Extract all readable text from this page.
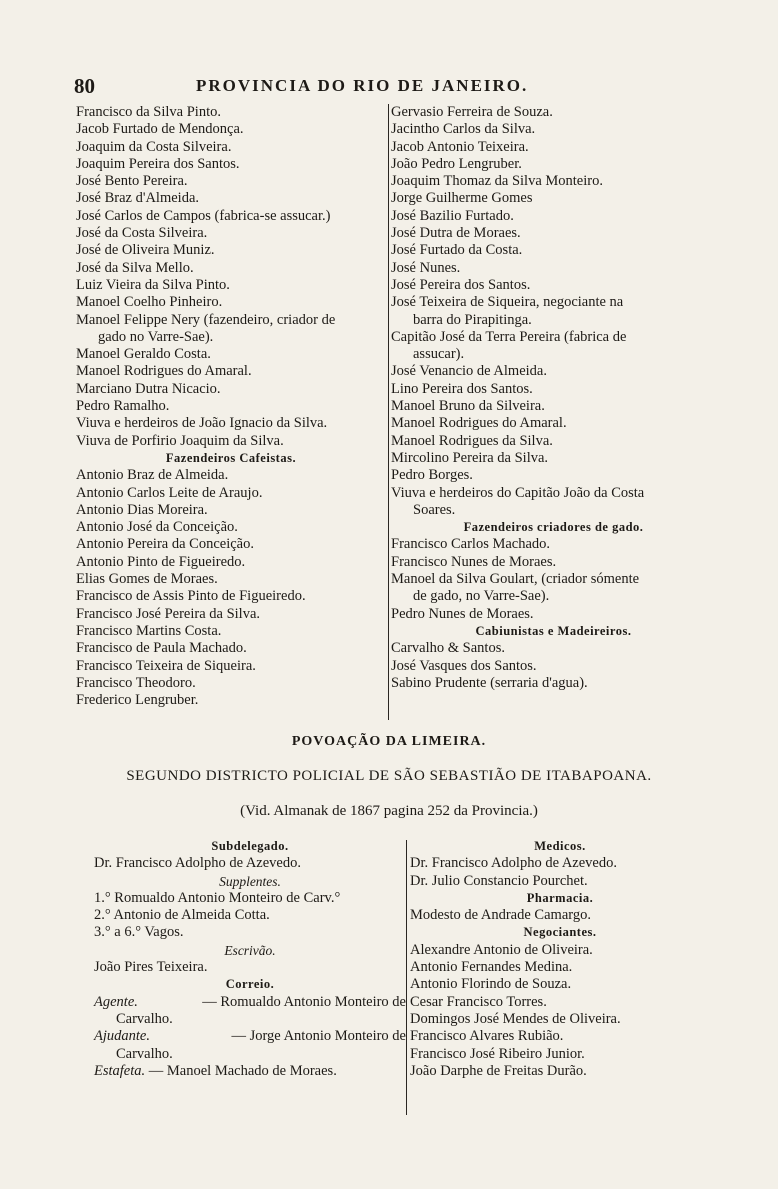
80	PROVINCIA DO RIO DE JANEIRO.
Francisco da Silva Pinto.
Jacob Furtado de Mendonça.
Joaquim da Costa Silveira.
Joaquim Pereira dos Santos.
José Bento Pereira.
José Braz d'Almeida.
José Carlos de Campos (fabrica-se assucar.)
José da Costa Silveira.
José de Oliveira Muniz.
José da Silva Mello.
Luiz Vieira da Silva Pinto.
Manoel Coelho Pinheiro.
Manoel Felippe Nery (fazendeiro, criador de
gado no Varre-Sae).
Manoel Geraldo Costa.
Manoel Rodrigues do Amaral.
Marciano Dutra Nicacio.
Pedro Ramalho.
Viuva e herdeiros de João Ignacio da Silva.
Viuva de Porfirio Joaquim da Silva.
Fazendeiros Cafeistas.
Antonio Braz de Almeida.
Antonio Carlos Leite de Araujo.
Antonio Dias Moreira.
Antonio José da Conceição.
Antonio Pereira da Conceição.
Antonio Pinto de Figueiredo.
Elias Gomes de Moraes.
Francisco de Assis Pinto de Figueiredo.
Francisco José Pereira da Silva.
Francisco Martins Costa.
Francisco de Paula Machado.
Francisco Teixeira de Siqueira.
Francisco Theodoro.
Frederico Lengruber.
Gervasio Ferreira de Souza.
Jacintho Carlos da Silva.
Jacob Antonio Teixeira.
João Pedro Lengruber.
Joaquim Thomaz da Silva Monteiro.
Jorge Guilherme Gomes
José Bazilio Furtado.
José Dutra de Moraes.
José Furtado da Costa.
José Nunes.
José Pereira dos Santos.
José Teixeira de Siqueira, negociante na
barra do Pirapitinga.
Capitão José da Terra Pereira (fabrica de
assucar).
José Venancio de Almeida.
Lino Pereira dos Santos.
Manoel Bruno da Silveira.
Manoel Rodrigues do Amaral.
Manoel Rodrigues da Silva.
Mircolino Pereira da Silva.
Pedro Borges.
Viuva e herdeiros do Capitão João da Costa
Soares.
Fazendeiros criadores de gado.
Francisco Carlos Machado.
Francisco Nunes de Moraes.
Manoel da Silva Goulart, (criador sómente
de gado, no Varre-Sae).
Pedro Nunes de Moraes.
Cabiunistas e Madeireiros.
Carvalho & Santos.
José Vasques dos Santos.
Sabino Prudente (serraria d'agua).
POVOAÇÃO DA LIMEIRA.
SEGUNDO DISTRICTO POLICIAL DE SÃO SEBASTIÃO DE ITABAPOANA.
(Vid. Almanak de 1867 pagina 252 da Provincia.)
Subdelegado.
Dr. Francisco Adolpho de Azevedo.
Supplentes.
1.° Romualdo Antonio Monteiro de Carv.°
2.° Antonio de Almeida Cotta.
3.° a 6.° Vagos.
Escrivão.
João Pires Teixeira.
Correio.
Agente.	— Romualdo Antonio Monteiro de
Carvalho.
Ajudante.	— Jorge Antonio Monteiro de
Carvalho.
Estafeta. — Manoel Machado de Moraes.
Medicos.
Dr. Francisco Adolpho de Azevedo.
Dr. Julio Constancio Pourchet.
Pharmacia.
Modesto de Andrade Camargo.
Negociantes.
Alexandre Antonio de Oliveira.
Antonio Fernandes Medina.
Antonio Florindo de Souza.
Cesar Francisco Torres.
Domingos José Mendes de Oliveira.
Francisco Alvares Rubião.
Francisco José Ribeiro Junior.
João Darphe de Freitas Durão.
